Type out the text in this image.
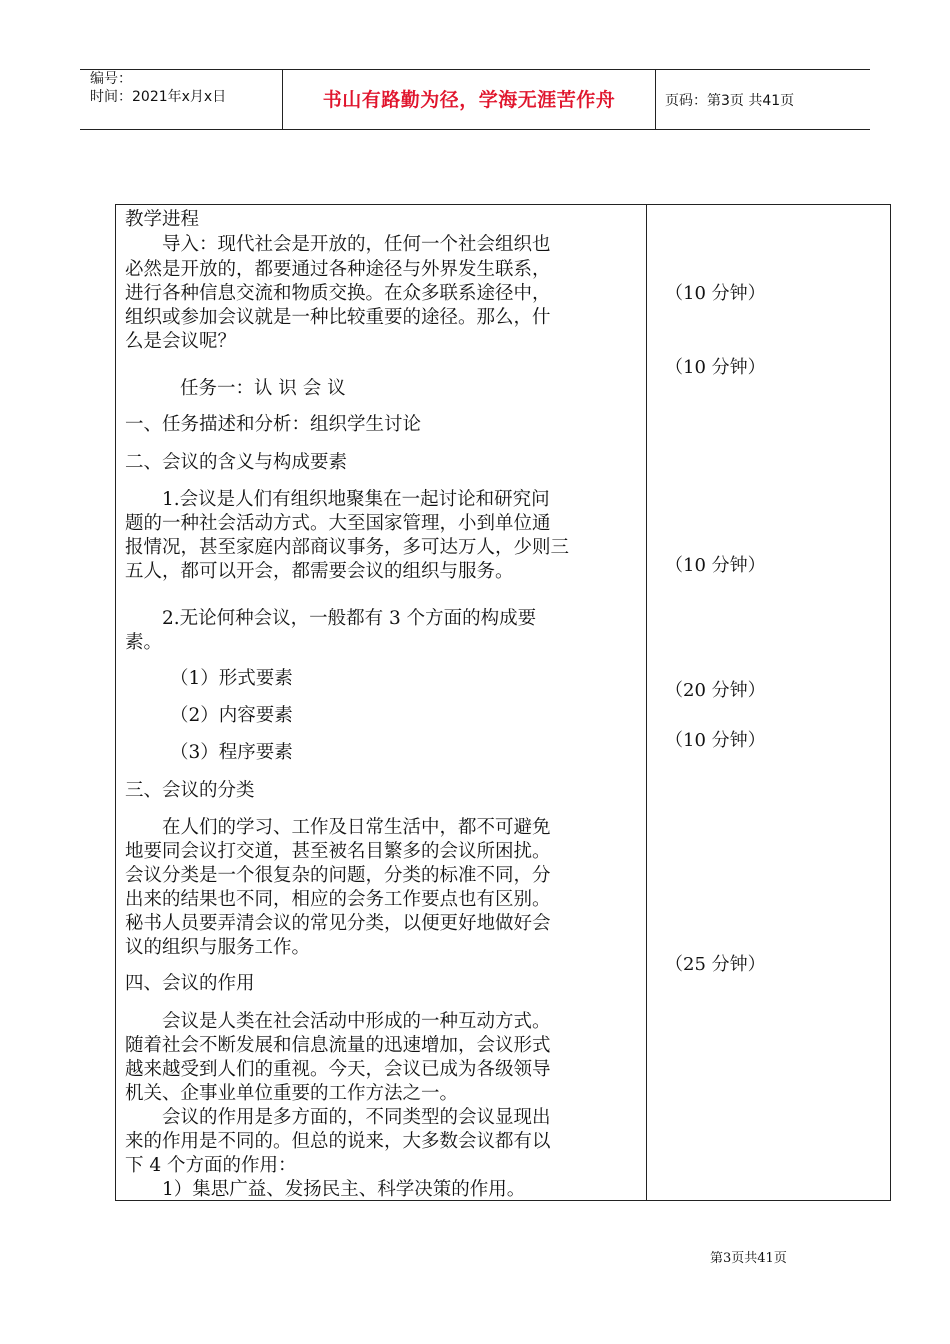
编号：
时间：2021年x月x日	书山有路勤为径，学海无涯苦作舟	页码：第3页 共41页
教学进程
　　导入：现代社会是开放的，任何一个社会组织也
必然是开放的，都要通过各种途径与外界发生联系，
进行各种信息交流和物质交换。在众多联系途径中，
组织或参加会议就是一种比较重要的途径。那么，什
么是会议呢？
任务一：认 识 会 议
一、任务描述和分析：组织学生讨论
二、会议的含义与构成要素
　　1.会议是人们有组织地聚集在一起讨论和研究问
题的一种社会活动方式。大至国家管理，小到单位通
报情况，甚至家庭内部商议事务，多可达万人，少则三
五人，都可以开会，都需要会议的组织与服务。
　　2.无论何种会议，一般都有 3 个方面的构成要
素。
（1）形式要素
（2）内容要素
（3）程序要素
三、会议的分类
　　在人们的学习、工作及日常生活中，都不可避免
地要同会议打交道，甚至被名目繁多的会议所困扰。
会议分类是一个很复杂的问题，分类的标准不同，分
出来的结果也不同，相应的会务工作要点也有区别。
秘书人员要弄清会议的常见分类，以便更好地做好会
议的组织与服务工作。
四、会议的作用
　　会议是人类在社会活动中形成的一种互动方式。
随着社会不断发展和信息流量的迅速增加，会议形式
越来越受到人们的重视。今天，会议已成为各级领导
机关、企事业单位重要的工作方法之一。
　　会议的作用是多方面的，不同类型的会议显现出
来的作用是不同的。但总的说来，大多数会议都有以
下 4 个方面的作用：
　　1）集思广益、发扬民主、科学决策的作用。
（10 分钟）
（10 分钟）
（10 分钟）
（20 分钟）
（10 分钟）
（25 分钟）
第3页共41页
